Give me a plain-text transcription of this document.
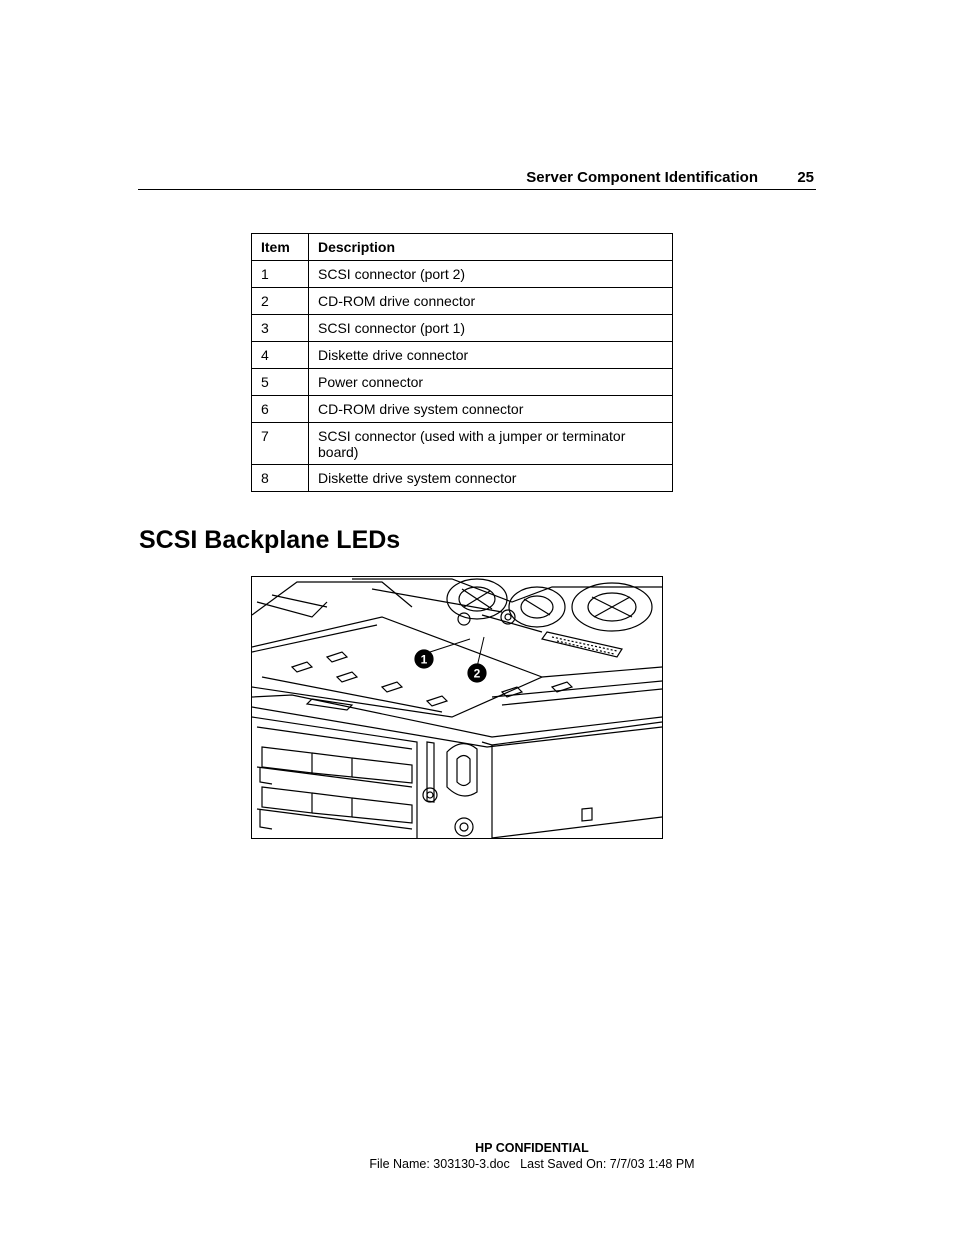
Server Component Identification	25
Item	Description
1	SCSI connector (port 2)
2	CD-ROM drive connector
3	SCSI connector (port 1)
4	Diskette drive connector
5	Power connector
6	CD-ROM drive system connector
7	SCSI connector (used with a jumper or terminator board)
8	Diskette drive system connector
SCSI Backplane LEDs
1
2
HP CONFIDENTIAL
File Name: 303130-3.doc   Last Saved On: 7/7/03 1:48 PM
